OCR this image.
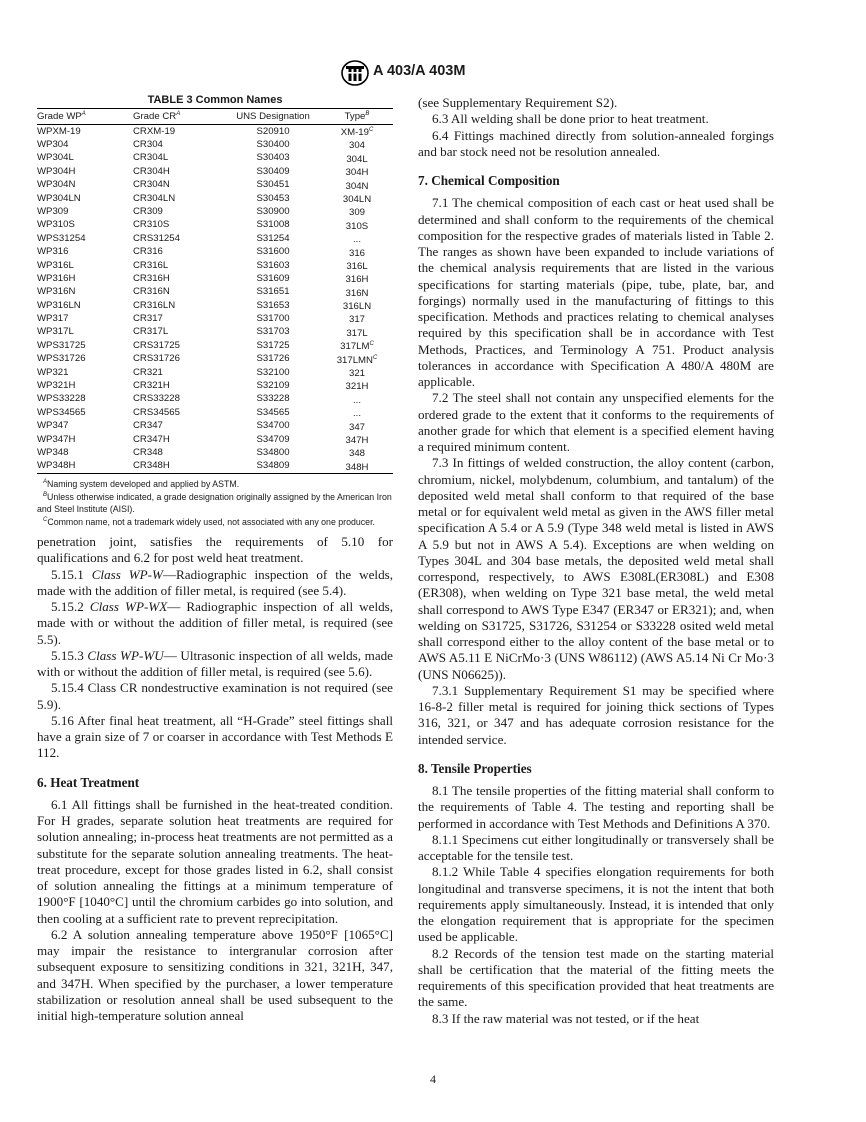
A 403/A 403M
TABLE 3 Common Names
Grade $WP^A$	Grade $CR^A$	UNS Designation	Type$^B$
WPXM-19	CRXM-19	S20910	$XM-19^C$
WP304	CR304	S30400	304
WP304L	CR304L	S30403	304L
WP304H	CR304H	S30409	304H
WP304N	CR304N	S30451	304N
WP304LN	CR304LN	S30453	304LN
WP309	CR309	S30900	309
WP310S	CR310S	S31008	310S
WPS31254	CRS31254	S31254	...
WP316	CR316	S31600	316
WP316L	CR316L	S31603	316L
WP316H	CR316H	S31609	316H
WP316N	CR316N	S31651	316N
WP316LN	CR316LN	S31653	316LN
WP317	CR317	S31700	317
WP317L	CR317L	S31703	317L
WPS31725	CRS31725	S31725	$317LM^C$
WPS31726	CRS31726	S31726	$317LMN^C$
WP321	CR321	S32100	321
WP321H	CR321H	S32109	321H
WPS33228	CRS33228	S33228	...
WPS34565	CRS34565	S34565	...
WP347	CR347	S34700	347
WP347H	CR347H	S34709	347H
WP348	CR348	S34800	348
WP348H	CR348H	S34809	348H

$^A$Naming system developed and applied by ASTM.

$^B$Unless otherwise indicated, a grade designation originally assigned by the American Iron and Steel Institute (AISI).

$^C$Common name, not a trademark widely used, not associated with any one producer.

penetration joint, satisfies the requirements of 5.10 for qualifications and 6.2 for post weld heat treatment.

5.15.1 Class WP-W—Radiographic inspection of the welds, made with the addition of filler metal, is required (see 5.4).

5.15.2 Class WP-WX— Radiographic inspection of all welds, made with or without the addition of filler metal, is required (see 5.5).

5.15.3 Class WP-WU— Ultrasonic inspection of all welds, made with or without the addition of filler metal, is required (see 5.6).

5.15.4 Class CR nondestructive examination is not required (see 5.9).

5.16 After final heat treatment, all “H-Grade” steel fittings shall have a grain size of 7 or coarser in accordance with Test Methods E 112.

6. Heat Treatment

6.1 All fittings shall be furnished in the heat-treated condition. For H grades, separate solution heat treatments are required for solution annealing; in-process heat treatments are not permitted as a substitute for the separate solution annealing treatments. The heat-treat procedure, except for those grades listed in 6.2, shall consist of solution annealing the fittings at a minimum temperature of 1900°F [1040°C] until the chromium carbides go into solution, and then cooling at a sufficient rate to prevent reprecipitation.

6.2 A solution annealing temperature above 1950°F [1065°C] may impair the resistance to intergranular corrosion after subsequent exposure to sensitizing conditions in 321, 321H, 347, and 347H. When specified by the purchaser, a lower temperature stabilization or resolution anneal shall be used subsequent to the initial high-temperature solution anneal

(see Supplementary Requirement S2).

6.3 All welding shall be done prior to heat treatment.

6.4 Fittings machined directly from solution-annealed forgings and bar stock need not be resolution annealed.

7. Chemical Composition

7.1 The chemical composition of each cast or heat used shall be determined and shall conform to the requirements of the chemical composition for the respective grades of materials listed in Table 2. The ranges as shown have been expanded to include variations of the chemical analysis requirements that are listed in the various specifications for starting materials (pipe, tube, plate, bar, and forgings) normally used in the manufacturing of fittings to this specification. Methods and practices relating to chemical analyses required by this specification shall be in accordance with Test Methods, Practices, and Terminology A 751. Product analysis tolerances in accordance with Specification A 480/A 480M are applicable.

7.2 The steel shall not contain any unspecified elements for the ordered grade to the extent that it conforms to the requirements of another grade for which that element is a specified element having a required minimum content.

7.3 In fittings of welded construction, the alloy content (carbon, chromium, nickel, molybdenum, columbium, and tantalum) of the deposited weld metal shall conform to that required of the base metal or for equivalent weld metal as given in the AWS filler metal specification A 5.4 or A 5.9 (Type 348 weld metal is listed in AWS A 5.9 but not in AWS A 5.4). Exceptions are when welding on Types 304L and 304 base metals, the deposited weld metal shall correspond, respectively, to AWS E308L(ER308L) and E308 (ER308), when welding on Type 321 base metal, the weld metal shall correspond to AWS Type E347 (ER347 or ER321); and, when welding on S31725, S31726, S31254 or S33228 osited weld metal shall correspond either to the alloy content of the base metal or to AWS A5.11 E NiCrMo·3 (UNS W86112) (AWS A5.14 Ni Cr Mo·3 (UNS N06625)).

7.3.1 Supplementary Requirement S1 may be specified where 16-8-2 filler metal is required for joining thick sections of Types 316, 321, or 347 and has adequate corrosion resistance for the intended service.

8. Tensile Properties

8.1 The tensile properties of the fitting material shall conform to the requirements of Table 4. The testing and reporting shall be performed in accordance with Test Methods and Definitions A 370.

8.1.1 Specimens cut either longitudinally or transversely shall be acceptable for the tensile test.

8.1.2 While Table 4 specifies elongation requirements for both longitudinal and transverse specimens, it is not the intent that both requirements apply simultaneously. Instead, it is intended that only the elongation requirement that is appropriate for the specimen used be applicable.

8.2 Records of the tension test made on the starting material shall be certification that the material of the fitting meets the requirements of this specification provided that heat treatments are the same.

8.3 If the raw material was not tested, or if the heat

4
